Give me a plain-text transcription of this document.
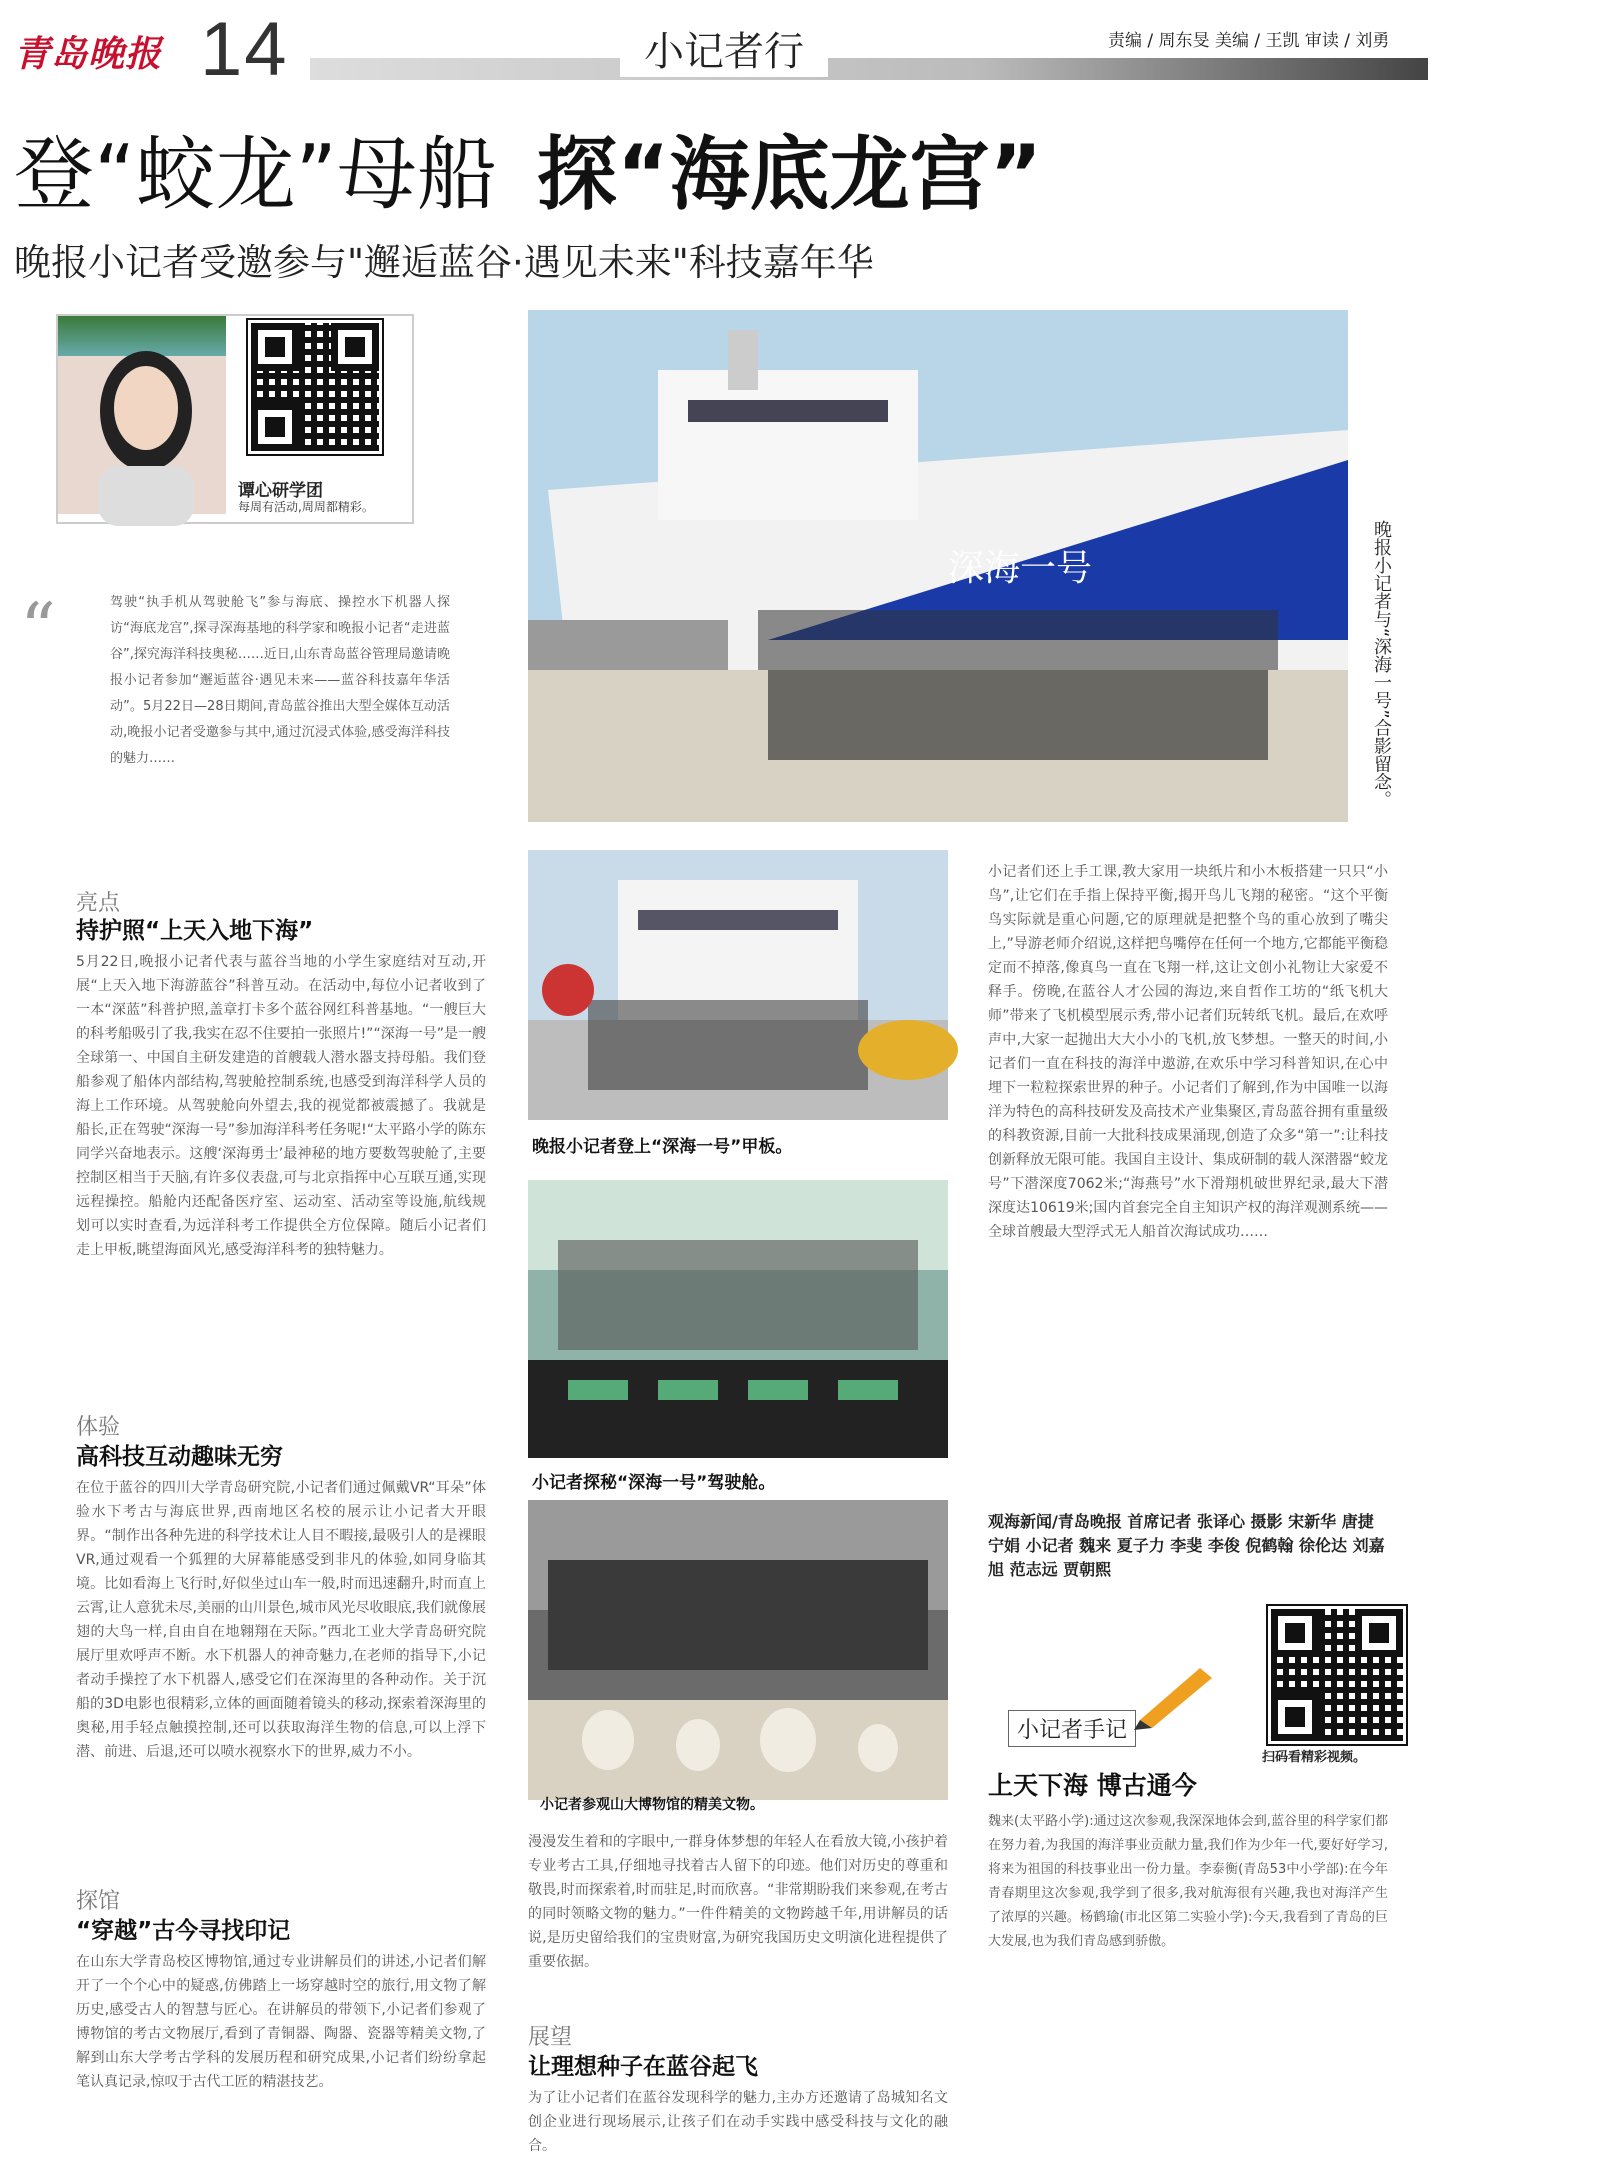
青岛晚报 14	2021/5/27 星期四
小记者行	责编 / 周东旻 美编 / 王凯 审读 / 刘勇
登“蛟龙”母船 探“海底龙宫”
晚报小记者受邀参与"邂逅蓝谷·遇见未来"科技嘉年华
谭心研学团
每周有活动,周周都精彩。
深海一号	晚报小记者与“深海一号”合影留念。
“	驾驶“执手机从驾驶舱飞”参与海底、操控水下机器人探访“海底龙宫”,探寻深海基地的科学家和晚报小记者“走进蓝谷”,探究海洋科技奥秘……近日,山东青岛蓝谷管理局邀请晚报小记者参加“邂逅蓝谷·遇见未来——蓝谷科技嘉年华活动”。5月22日—28日期间,青岛蓝谷推出大型全媒体互动活动,晚报小记者受邀参与其中,通过沉浸式体验,感受海洋科技的魅力……
亮点
持护照“上天入地下海”
5月22日,晚报小记者代表与蓝谷当地的小学生家庭结对互动,开展“上天入地下海游蓝谷”科普互动。在活动中,每位小记者收到了一本“深蓝”科普护照,盖章打卡多个蓝谷网红科普基地。“一艘巨大的科考船吸引了我,我实在忍不住要拍一张照片!”“深海一号”是一艘全球第一、中国自主研发建造的首艘载人潜水器支持母船。我们登船参观了船体内部结构,驾驶舱控制系统,也感受到海洋科学人员的海上工作环境。从驾驶舱向外望去,我的视觉都被震撼了。我就是船长,正在驾驶“深海一号”参加海洋科考任务呢!“太平路小学的陈东同学兴奋地表示。这艘‘深海勇士’最神秘的地方要数驾驶舱了,主要控制区相当于天脑,有许多仪表盘,可与北京指挥中心互联互通,实现远程操控。船舱内还配备医疗室、运动室、活动室等设施,航线规划可以实时查看,为远洋科考工作提供全方位保障。随后小记者们走上甲板,眺望海面风光,感受海洋科考的独特魅力。
体验
高科技互动趣味无穷
在位于蓝谷的四川大学青岛研究院,小记者们通过佩戴VR“耳朵”体验水下考古与海底世界,西南地区名校的展示让小记者大开眼界。“制作出各种先进的科学技术让人目不暇接,最吸引人的是裸眼VR,通过观看一个狐狸的大屏幕能感受到非凡的体验,如同身临其境。比如看海上飞行时,好似坐过山车一般,时而迅速翻升,时而直上云霄,让人意犹未尽,美丽的山川景色,城市风光尽收眼底,我们就像展翅的大鸟一样,自由自在地翱翔在天际。”西北工业大学青岛研究院展厅里欢呼声不断。水下机器人的神奇魅力,在老师的指导下,小记者动手操控了水下机器人,感受它们在深海里的各种动作。关于沉船的3D电影也很精彩,立体的画面随着镜头的移动,探索着深海里的奥秘,用手轻点触摸控制,还可以获取海洋生物的信息,可以上浮下潜、前进、后退,还可以喷水视察水下的世界,威力不小。
探馆
“穿越”古今寻找印记
在山东大学青岛校区博物馆,通过专业讲解员们的讲述,小记者们解开了一个个心中的疑惑,仿佛踏上一场穿越时空的旅行,用文物了解历史,感受古人的智慧与匠心。在讲解员的带领下,小记者们参观了博物馆的考古文物展厅,看到了青铜器、陶器、瓷器等精美文物,了解到山东大学考古学科的发展历程和研究成果,小记者们纷纷拿起笔认真记录,惊叹于古代工匠的精湛技艺。
晚报小记者登上“深海一号”甲板。
小记者探秘“深海一号”驾驶舱。
小记者参观山大博物馆的精美文物。
漫漫发生着和的字眼中,一群身体梦想的年轻人在看放大镜,小孩护着专业考古工具,仔细地寻找着古人留下的印迹。他们对历史的尊重和敬畏,时而探索着,时而驻足,时而欣喜。“非常期盼我们来参观,在考古的同时领略文物的魅力。”一件件精美的文物跨越千年,用讲解员的话说,是历史留给我们的宝贵财富,为研究我国历史文明演化进程提供了重要依据。
展望
让理想种子在蓝谷起飞
为了让小记者们在蓝谷发现科学的魅力,主办方还邀请了岛城知名文创企业进行现场展示,让孩子们在动手实践中感受科技与文化的融合。
小记者们还上手工课,教大家用一块纸片和小木板搭建一只只“小鸟”,让它们在手指上保持平衡,揭开鸟儿飞翔的秘密。“这个平衡鸟实际就是重心问题,它的原理就是把整个鸟的重心放到了嘴尖上,”导游老师介绍说,这样把鸟嘴停在任何一个地方,它都能平衡稳定而不掉落,像真鸟一直在飞翔一样,这让文创小礼物让大家爱不释手。傍晚,在蓝谷人才公园的海边,来自哲作工坊的“纸飞机大师”带来了飞机模型展示秀,带小记者们玩转纸飞机。最后,在欢呼声中,大家一起抛出大大小小的飞机,放飞梦想。一整天的时间,小记者们一直在科技的海洋中遨游,在欢乐中学习科普知识,在心中埋下一粒粒探索世界的种子。小记者们了解到,作为中国唯一以海洋为特色的高科技研发及高技术产业集聚区,青岛蓝谷拥有重量级的科教资源,目前一大批科技成果涌现,创造了众多“第一”:让科技创新释放无限可能。我国自主设计、集成研制的载人深潜器“蛟龙号”下潜深度7062米;“海燕号”水下滑翔机破世界纪录,最大下潜深度达10619米;国内首套完全自主知识产权的海洋观测系统——全球首艘最大型浮式无人船首次海试成功……
观海新闻/青岛晚报 首席记者 张译心 摄影 宋新华 唐捷 宁娟 小记者 魏来 夏子力 李斐 李俊 倪鹤翰 徐伦达 刘嘉旭 范志远 贾朝熙
扫码看精彩视频。
小记者手记
上天下海 博古通今
魏来(太平路小学):通过这次参观,我深深地体会到,蓝谷里的科学家们都在努力着,为我国的海洋事业贡献力量,我们作为少年一代,要好好学习,将来为祖国的科技事业出一份力量。李泰衡(青岛53中小学部):在今年青春期里这次参观,我学到了很多,我对航海很有兴趣,我也对海洋产生了浓厚的兴趣。杨鹤瑜(市北区第二实验小学):今天,我看到了青岛的巨大发展,也为我们青岛感到骄傲。
